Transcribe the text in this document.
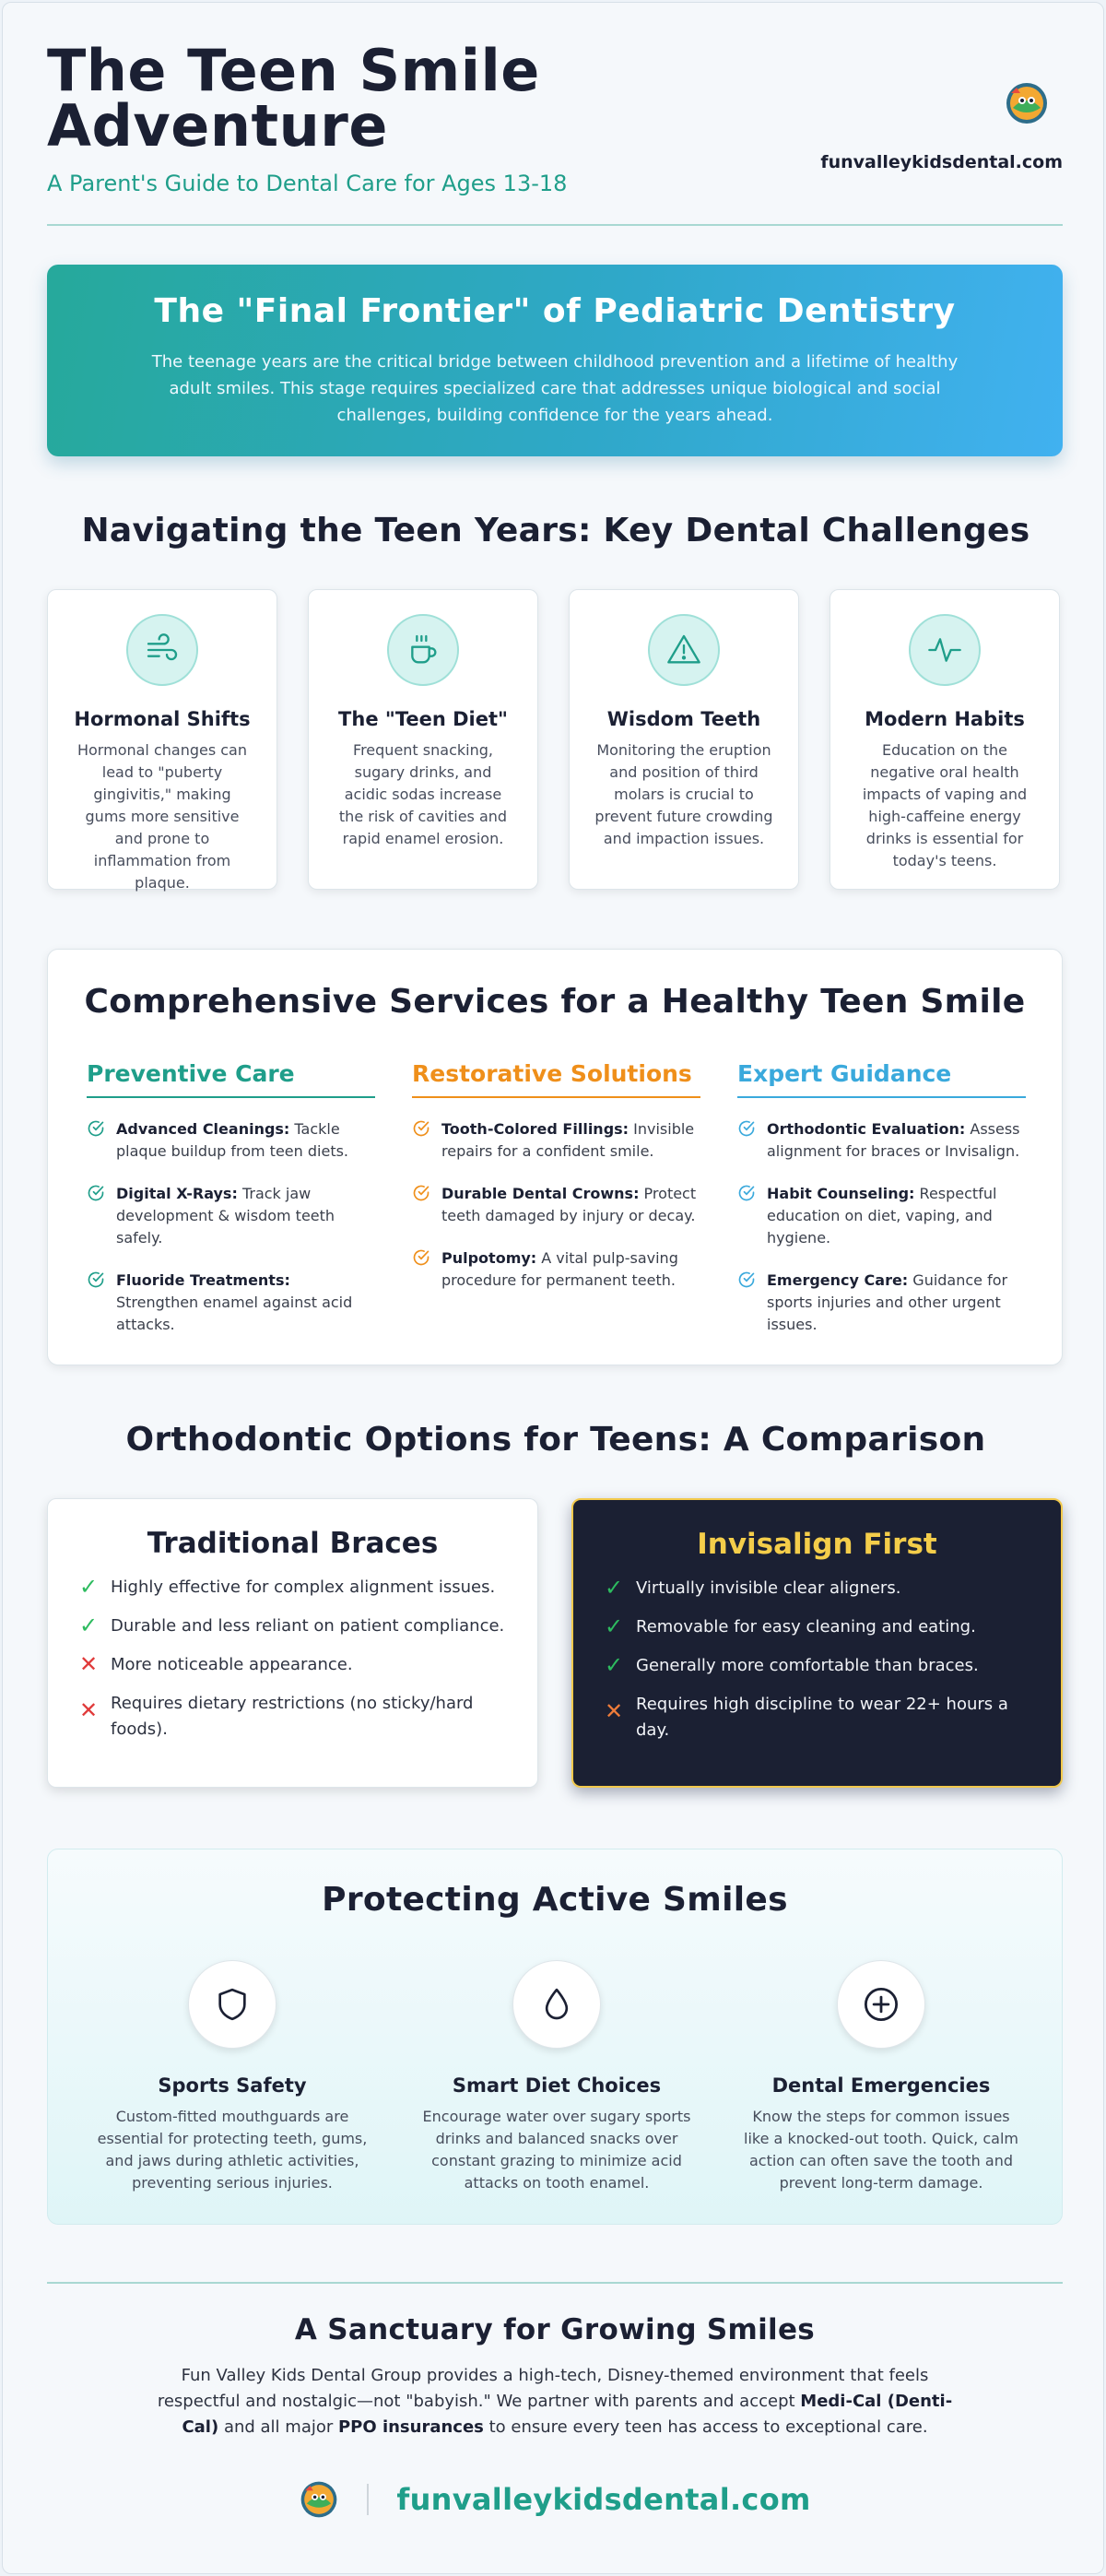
The Teen Smile Adventure
A Parent's Guide to Dental Care for Ages 13-18
funvalleykidsdental.com
The "Final Frontier" of Pediatric Dentistry

The teenage years are the critical bridge between childhood prevention and a lifetime of healthy adult smiles. This stage requires specialized care that addresses unique biological and social challenges, building confidence for the years ahead.

Navigating the Teen Years: Key Dental Challenges
Hormonal Shifts

Hormonal changes can lead to "puberty gingivitis," making gums more sensitive and prone to inflammation from plaque.

The "Teen Diet"

Frequent snacking, sugary drinks, and acidic sodas increase the risk of cavities and rapid enamel erosion.

Wisdom Teeth

Monitoring the eruption and position of third molars is crucial to prevent future crowding and impaction issues.

Modern Habits

Education on the negative oral health impacts of vaping and high-caffeine energy drinks is essential for today's teens.

Comprehensive Services for a Healthy Teen Smile
Preventive Care
Advanced Cleanings: Tackle plaque buildup from teen diets.
Digital X-Rays: Track jaw development & wisdom teeth safely.
Fluoride Treatments: Strengthen enamel against acid attacks.
Restorative Solutions
Tooth-Colored Fillings: Invisible repairs for a confident smile.
Durable Dental Crowns: Protect teeth damaged by injury or decay.
Pulpotomy: A vital pulp-saving procedure for permanent teeth.
Expert Guidance
Orthodontic Evaluation: Assess alignment for braces or Invisalign.
Habit Counseling: Respectful education on diet, vaping, and hygiene.
Emergency Care: Guidance for sports injuries and other urgent issues.
Orthodontic Options for Teens: A Comparison
Traditional Braces
✓ Highly effective for complex alignment issues.
✓ Durable and less reliant on patient compliance.
✕ More noticeable appearance.
✕ Requires dietary restrictions (no sticky/hard foods).
Invisalign First
✓ Virtually invisible clear aligners.
✓ Removable for easy cleaning and eating.
✓ Generally more comfortable than braces.
✕ Requires high discipline to wear 22+ hours a day.
Protecting Active Smiles
Sports Safety

Custom-fitted mouthguards are essential for protecting teeth, gums, and jaws during athletic activities, preventing serious injuries.

Smart Diet Choices

Encourage water over sugary sports drinks and balanced snacks over constant grazing to minimize acid attacks on tooth enamel.

Dental Emergencies

Know the steps for common issues like a knocked-out tooth. Quick, calm action can often save the tooth and prevent long-term damage.

A Sanctuary for Growing Smiles

Fun Valley Kids Dental Group provides a high-tech, Disney-themed environment that feels respectful and nostalgic—not "babyish." We partner with parents and accept Medi-Cal (Denti-Cal) and all major PPO insurances to ensure every teen has access to exceptional care.

funvalleykidsdental.com
